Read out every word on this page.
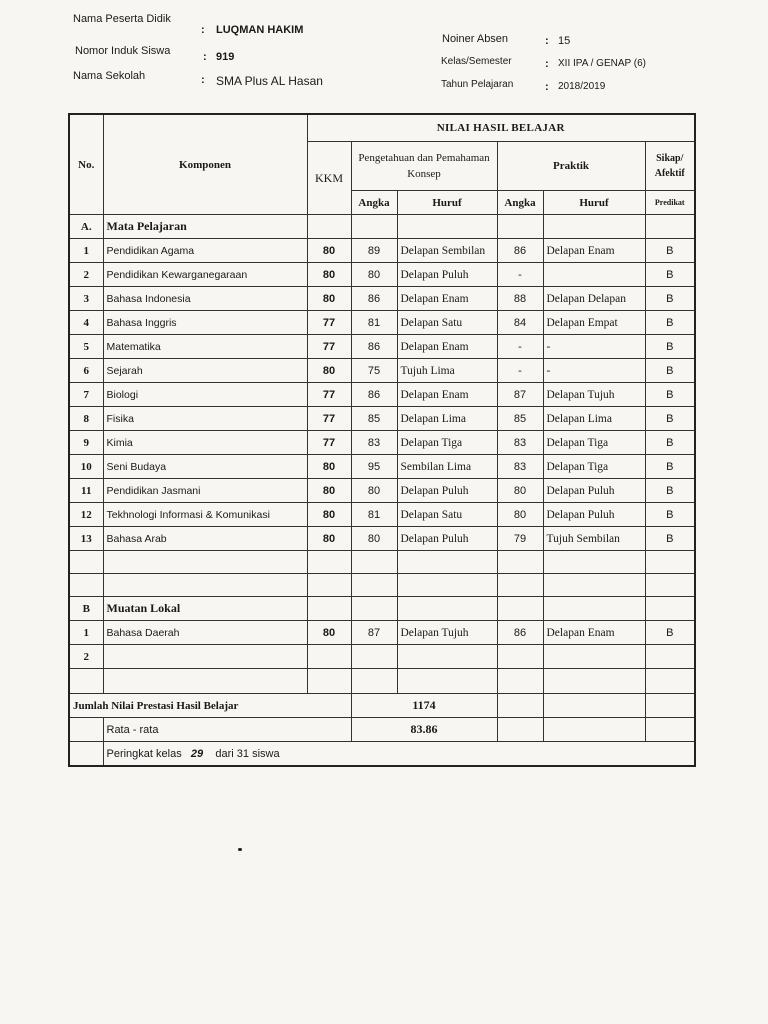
Nama Peserta Didik
: LUQMAN HAKIM
Nomor Induk Siswa	: 919
Nama Sekolah	: SMA Plus AL Hasan
Noiner Absen	: 15
Kelas/Semester	: XII IPA / GENAP (6)
Tahun Pelajaran	: 2018/2019
No.	Komponen	NILAI HASIL BELAJAR					
		KKM	Pengetahuan dan Pemahaman Konsep		Praktik		Sikap/ Afektif
			Angka	Huruf	Angka	Huruf	Predikat
A.	Mata Pelajaran						
1	Pendidikan Agama	80	89	Delapan Sembilan	86	Delapan Enam	B
2	Pendidikan Kewarganegaraan	80	80	Delapan Puluh	-		B
3	Bahasa Indonesia	80	86	Delapan Enam	88	Delapan Delapan	B
4	Bahasa Inggris	77	81	Delapan Satu	84	Delapan Empat	B
5	Matematika	77	86	Delapan Enam	-	-	B
6	Sejarah	80	75	Tujuh Lima	-	-	B
7	Biologi	77	86	Delapan Enam	87	Delapan Tujuh	B
8	Fisika	77	85	Delapan Lima	85	Delapan Lima	B
9	Kimia	77	83	Delapan Tiga	83	Delapan Tiga	B
10	Seni Budaya	80	95	Sembilan Lima	83	Delapan Tiga	B
11	Pendidikan Jasmani	80	80	Delapan Puluh	80	Delapan Puluh	B
12	Tekhnologi Informasi & Komunikasi	80	81	Delapan Satu	80	Delapan Puluh	B
13	Bahasa Arab	80	80	Delapan Puluh	79	Tujuh Sembilan	B

B	Muatan Lokal						
1	Bahasa Daerah	80	87	Delapan Tujuh	86	Delapan Enam	B
2							

Jumlah Nilai Prestasi Hasil Belajar			1174				
	Rata - rata		83.86				
	Peringkat kelas 29 dari 31 siswa						
